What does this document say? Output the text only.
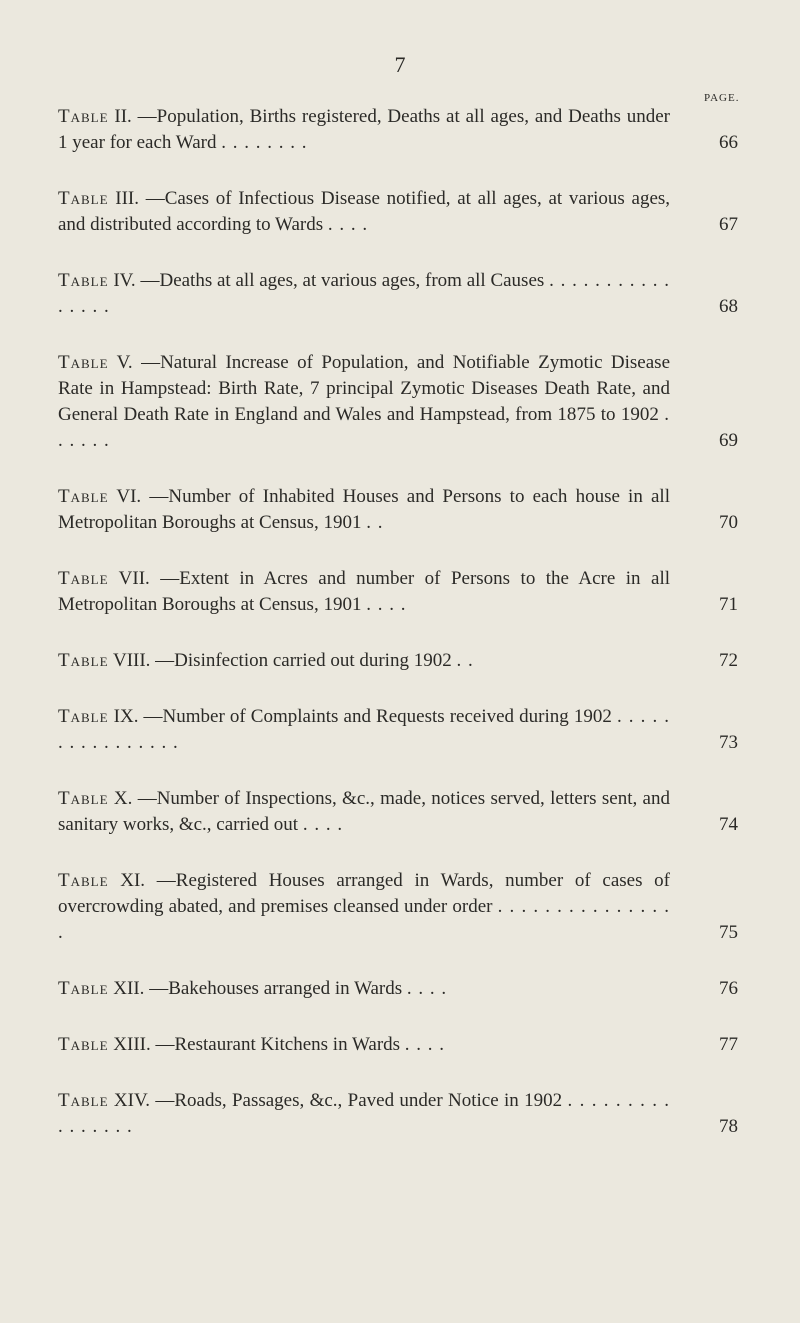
7
PAGE.
Table II. —Population, Births registered, Deaths at all ages, and Deaths under 1 year for each Ward . . . . . . . .	66
Table III. —Cases of Infectious Disease notified, at all ages, at various ages, and distributed according to Wards . . . .	67
Table IV. —Deaths at all ages, at various ages, from all Causes . . . . . . . . . . . . . . . .	68
Table V. —Natural Increase of Population, and Notifiable Zymotic Disease Rate in Hampstead: Birth Rate, 7 principal Zymotic Diseases Death Rate, and General Death Rate in England and Wales and Hampstead, from 1875 to 1902 . . . . . .	69
Table VI. —Number of Inhabited Houses and Persons to each house in all Metropolitan Boroughs at Census, 1901 . .	70
Table VII. —Extent in Acres and number of Persons to the Acre in all Metropolitan Boroughs at Census, 1901 . . . .	71
Table VIII. —Disinfection carried out during 1902 . .	72
Table IX. —Number of Complaints and Requests received during 1902 . . . . . . . . . . . . . . . .	73
Table X. —Number of Inspections, &c., made, notices served, letters sent, and sanitary works, &c., carried out . . . .	74
Table XI. —Registered Houses arranged in Wards, number of cases of overcrowding abated, and premises cleansed under order . . . . . . . . . . . . . . . .	75
Table XII. —Bakehouses arranged in Wards . . . .	76
Table XIII. —Restaurant Kitchens in Wards . . . .	77
Table XIV. —Roads, Passages, &c., Paved under Notice in 1902 . . . . . . . . . . . . . . . .	78
